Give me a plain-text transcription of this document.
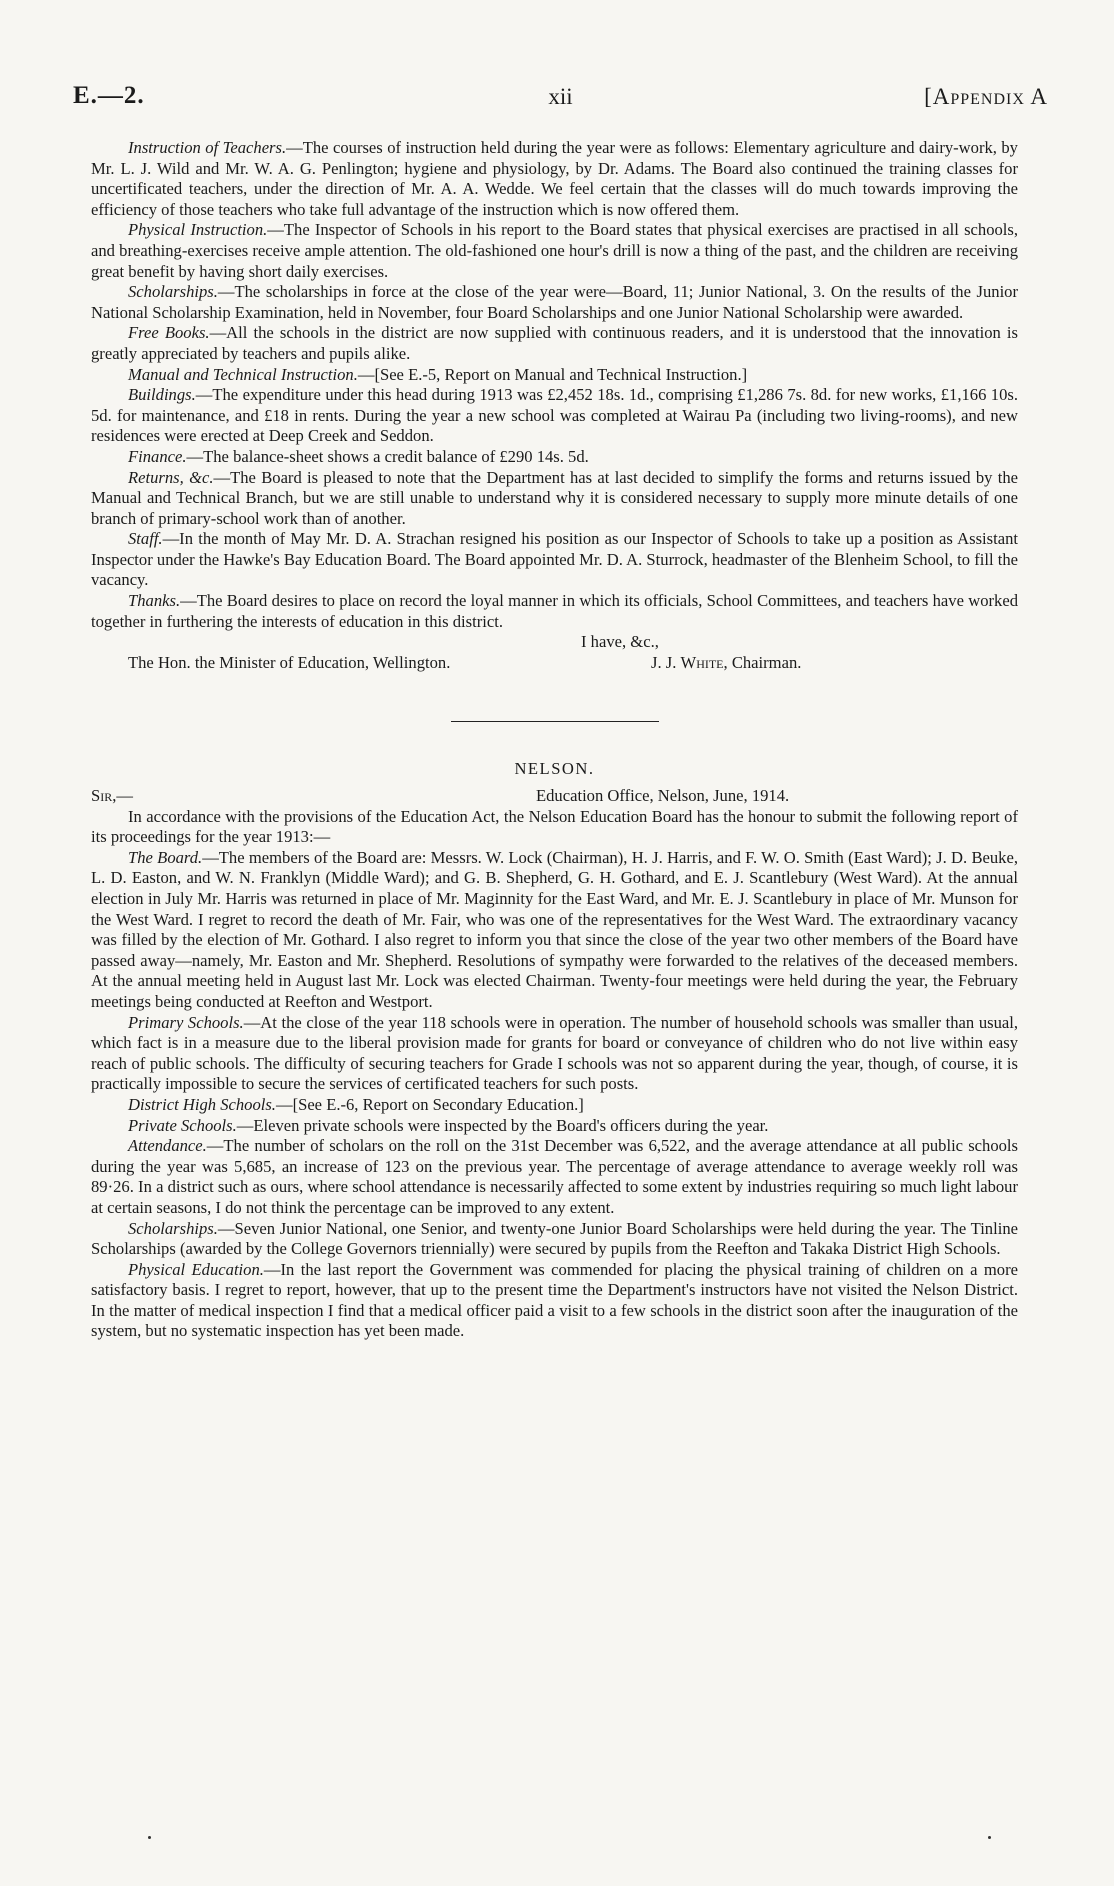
E.—2.	xii	[Appendix A

Instruction of Teachers.—The courses of instruction held during the year were as follows: Elementary agriculture and dairy-work, by Mr. L. J. Wild and Mr. W. A. G. Penlington; hygiene and physiology, by Dr. Adams. The Board also continued the training classes for uncertificated teachers, under the direction of Mr. A. A. Wedde. We feel certain that the classes will do much towards improving the efficiency of those teachers who take full advantage of the instruction which is now offered them.

Physical Instruction.—The Inspector of Schools in his report to the Board states that physical exercises are practised in all schools, and breathing-exercises receive ample attention. The old-fashioned one hour's drill is now a thing of the past, and the children are receiving great benefit by having short daily exercises.

Scholarships.—The scholarships in force at the close of the year were—Board, 11; Junior National, 3. On the results of the Junior National Scholarship Examination, held in November, four Board Scholarships and one Junior National Scholarship were awarded.

Free Books.—All the schools in the district are now supplied with continuous readers, and it is understood that the innovation is greatly appreciated by teachers and pupils alike.

Manual and Technical Instruction.—[See E.-5, Report on Manual and Technical Instruction.]

Buildings.—The expenditure under this head during 1913 was £2,452 18s. 1d., comprising £1,286 7s. 8d. for new works, £1,166 10s. 5d. for maintenance, and £18 in rents. During the year a new school was completed at Wairau Pa (including two living-rooms), and new residences were erected at Deep Creek and Seddon.

Finance.—The balance-sheet shows a credit balance of £290 14s. 5d.

Returns, &c.—The Board is pleased to note that the Department has at last decided to simplify the forms and returns issued by the Manual and Technical Branch, but we are still unable to understand why it is considered necessary to supply more minute details of one branch of primary-school work than of another.

Staff.—In the month of May Mr. D. A. Strachan resigned his position as our Inspector of Schools to take up a position as Assistant Inspector under the Hawke's Bay Education Board. The Board appointed Mr. D. A. Sturrock, headmaster of the Blenheim School, to fill the vacancy.

Thanks.—The Board desires to place on record the loyal manner in which its officials, School Committees, and teachers have worked together in furthering the interests of education in this district.

I have, &c.,
The Hon. the Minister of Education, Wellington.	J. J. White, Chairman.
NELSON.
Sir,—	Education Office, Nelson, June, 1914.

In accordance with the provisions of the Education Act, the Nelson Education Board has the honour to submit the following report of its proceedings for the year 1913:—

The Board.—The members of the Board are: Messrs. W. Lock (Chairman), H. J. Harris, and F. W. O. Smith (East Ward); J. D. Beuke, L. D. Easton, and W. N. Franklyn (Middle Ward); and G. B. Shepherd, G. H. Gothard, and E. J. Scantlebury (West Ward). At the annual election in July Mr. Harris was returned in place of Mr. Maginnity for the East Ward, and Mr. E. J. Scantlebury in place of Mr. Munson for the West Ward. I regret to record the death of Mr. Fair, who was one of the representatives for the West Ward. The extraordinary vacancy was filled by the election of Mr. Gothard. I also regret to inform you that since the close of the year two other members of the Board have passed away—namely, Mr. Easton and Mr. Shepherd. Resolutions of sympathy were forwarded to the relatives of the deceased members. At the annual meeting held in August last Mr. Lock was elected Chairman. Twenty-four meetings were held during the year, the February meetings being conducted at Reefton and Westport.

Primary Schools.—At the close of the year 118 schools were in operation. The number of household schools was smaller than usual, which fact is in a measure due to the liberal provision made for grants for board or conveyance of children who do not live within easy reach of public schools. The difficulty of securing teachers for Grade I schools was not so apparent during the year, though, of course, it is practically impossible to secure the services of certificated teachers for such posts.

District High Schools.—[See E.-6, Report on Secondary Education.]

Private Schools.—Eleven private schools were inspected by the Board's officers during the year.

Attendance.—The number of scholars on the roll on the 31st December was 6,522, and the average attendance at all public schools during the year was 5,685, an increase of 123 on the previous year. The percentage of average attendance to average weekly roll was 89·26. In a district such as ours, where school attendance is necessarily affected to some extent by industries requiring so much light labour at certain seasons, I do not think the percentage can be improved to any extent.

Scholarships.—Seven Junior National, one Senior, and twenty-one Junior Board Scholarships were held during the year. The Tinline Scholarships (awarded by the College Governors triennially) were secured by pupils from the Reefton and Takaka District High Schools.

Physical Education.—In the last report the Government was commended for placing the physical training of children on a more satisfactory basis. I regret to report, however, that up to the present time the Department's instructors have not visited the Nelson District. In the matter of medical inspection I find that a medical officer paid a visit to a few schools in the district soon after the inauguration of the system, but no systematic inspection has yet been made.
